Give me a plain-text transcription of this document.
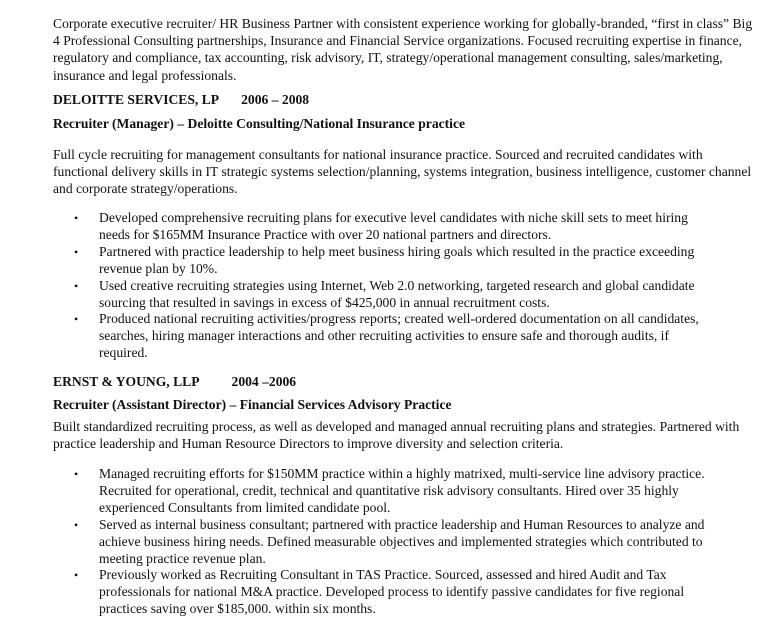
Corporate executive recruiter/ HR Business Partner with consistent experience working for globally-branded, “first in class” Big 4 Professional Consulting partnerships, Insurance and Financial Service organizations. Focused recruiting expertise in finance, regulatory and compliance, tax accounting, risk advisory, IT, strategy/operational management consulting, sales/marketing, insurance and legal professionals.

DELOITTE SERVICES, LP 2006 – 2008
Recruiter (Manager) – Deloitte Consulting/National Insurance practice

Full cycle recruiting for management consultants for national insurance practice. Sourced and recruited candidates with functional delivery skills in IT strategic systems selection/planning, systems integration, business intelligence, customer channel and corporate strategy/operations.

• Developed comprehensive recruiting plans for executive level candidates with niche skill sets to meet hiring needs for $165MM Insurance Practice with over 20 national partners and directors.
• Partnered with practice leadership to help meet business hiring goals which resulted in the practice exceeding revenue plan by 10%.
• Used creative recruiting strategies using Internet, Web 2.0 networking, targeted research and global candidate sourcing that resulted in savings in excess of $425,000 in annual recruitment costs.
• Produced national recruiting activities/progress reports; created well-ordered documentation on all candidates, searches, hiring manager interactions and other recruiting activities to ensure safe and thorough audits, if required.
ERNST & YOUNG, LLP 2004 –2006
Recruiter (Assistant Director) – Financial Services Advisory Practice

Built standardized recruiting process, as well as developed and managed annual recruiting plans and strategies. Partnered with practice leadership and Human Resource Directors to improve diversity and selection criteria.

• Managed recruiting efforts for $150MM practice within a highly matrixed, multi-service line advisory practice. Recruited for operational, credit, technical and quantitative risk advisory consultants. Hired over 35 highly experienced Consultants from limited candidate pool.
• Served as internal business consultant; partnered with practice leadership and Human Resources to analyze and achieve business hiring needs. Defined measurable objectives and implemented strategies which contributed to meeting practice revenue plan.
• Previously worked as Recruiting Consultant in TAS Practice. Sourced, assessed and hired Audit and Tax professionals for national M&A practice. Developed process to identify passive candidates for five regional practices saving over $185,000. within six months.
